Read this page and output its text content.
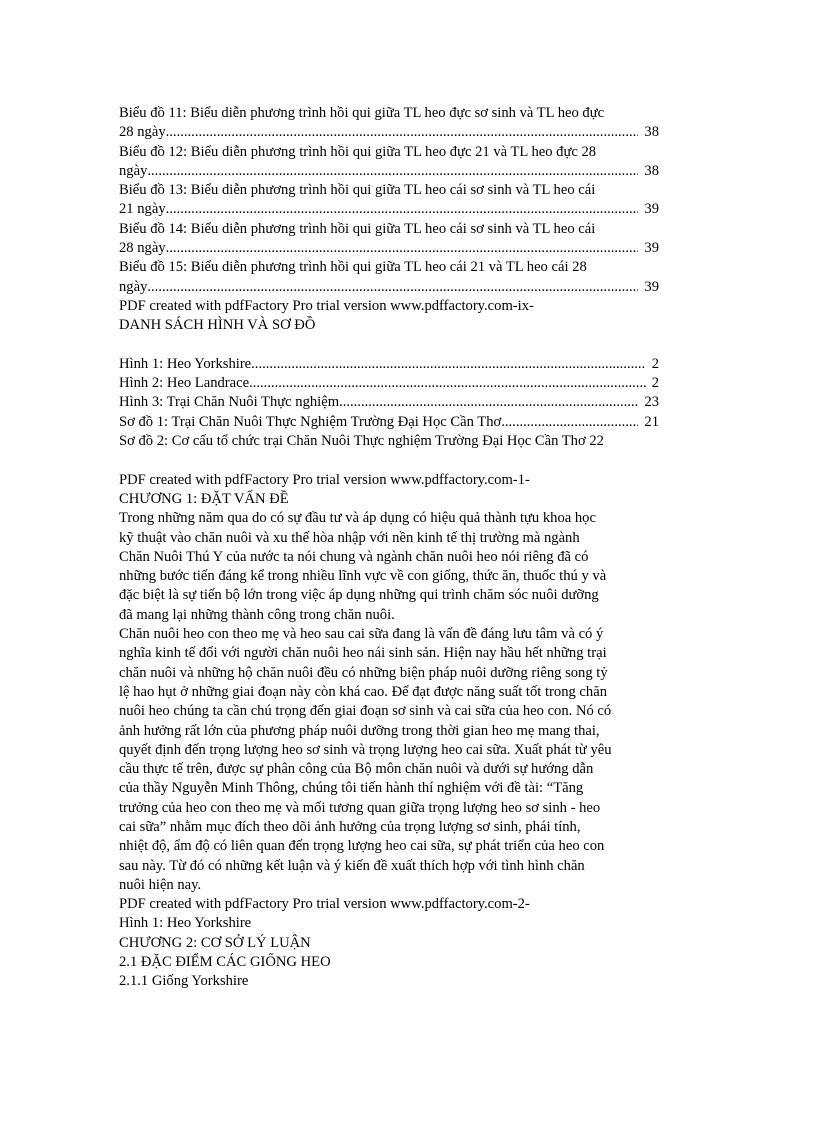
Biểu đồ 11: Biểu diễn phương trình hồi qui giữa TL heo đực sơ sinh và TL heo đực
28 ngày .....	38
Biểu đồ 12: Biểu diễn phương trình hồi qui giữa TL heo đực 21 và TL heo đực 28
ngày .....	38
Biểu đồ 13: Biểu diễn phương trình hồi qui giữa TL heo cái sơ sinh và TL heo cái
21 ngày .....	39
Biểu đồ 14: Biểu diễn phương trình hồi qui giữa TL heo cái sơ sinh và TL heo cái
28 ngày .....	39
Biểu đồ 15: Biểu diễn phương trình hồi qui giữa TL heo cái 21 và TL heo cái 28
ngày .....	39
PDF created with pdfFactory Pro trial version www.pdffactory.com-ix-
DANH SÁCH HÌNH VÀ SƠ ĐỒ
Hình 1: Heo Yorkshire .....	2
Hình 2: Heo Landrace .....	2
Hình 3: Trại Chăn Nuôi Thực nghiệm .....	23
Sơ đồ 1: Trại Chăn Nuôi Thực Nghiệm Trường Đại Học Cần Thơ .....	21
Sơ đồ 2: Cơ cấu tổ chức trại Chăn Nuôi Thực nghiệm Trường Đại Học Cần Thơ 22
PDF created with pdfFactory Pro trial version www.pdffactory.com-1-
CHƯƠNG 1: ĐẶT VẤN ĐỀ
Trong những năm qua do có sự đầu tư và áp dụng có hiệu quả thành tựu khoa học
kỹ thuật vào chăn nuôi và xu thế hòa nhập với nền kinh tế thị trường mà ngành
Chăn Nuôi Thú Y của nước ta nói chung và ngành chăn nuôi heo nói riêng đã có
những bước tiến đáng kể trong nhiều lĩnh vực về con giống, thức ăn, thuốc thú y và
đặc biệt là sự tiến bộ lớn trong việc áp dụng những qui trình chăm sóc nuôi dưỡng
đã mang lại những thành công trong chăn nuôi.
Chăn nuôi heo con theo mẹ và heo sau cai sữa đang là vấn đề đáng lưu tâm và có ý
nghĩa kinh tế đối với người chăn nuôi heo nái sinh sản. Hiện nay hầu hết những trại
chăn nuôi và những hộ chăn nuôi đều có những biện pháp nuôi dưỡng riêng song tỷ
lệ hao hụt ở những giai đoạn này còn khá cao. Để đạt được năng suất tốt trong chăn
nuôi heo chúng ta cần chú trọng đến giai đoạn sơ sinh và cai sữa của heo con. Nó có
ảnh hưởng rất lớn của phương pháp nuôi dưỡng trong thời gian heo mẹ mang thai,
quyết định đến trọng lượng heo sơ sinh và trọng lượng heo cai sữa. Xuất phát từ yêu
cầu thực tế trên, được sự phân công của Bộ môn chăn nuôi và dưới sự hướng dẫn
của thầy Nguyễn Minh Thông, chúng tôi tiến hành thí nghiệm với đề tài: “Tăng
trưởng của heo con theo mẹ và mối tương quan giữa trọng lượng heo sơ sinh - heo
cai sữa” nhằm mục đích theo dõi ảnh hưởng của trọng lượng sơ sinh, phái tính,
nhiệt độ, ẩm độ có liên quan đến trọng lượng heo cai sữa, sự phát triển của heo con
sau này. Từ đó có những kết luận và ý kiến đề xuất thích hợp với tình hình chăn
nuôi hiện nay.
PDF created with pdfFactory Pro trial version www.pdffactory.com-2-
Hình 1: Heo Yorkshire
CHƯƠNG 2: CƠ SỞ LÝ LUẬN
2.1 ĐẶC ĐIỂM CÁC GIỐNG HEO
2.1.1 Giống Yorkshire
